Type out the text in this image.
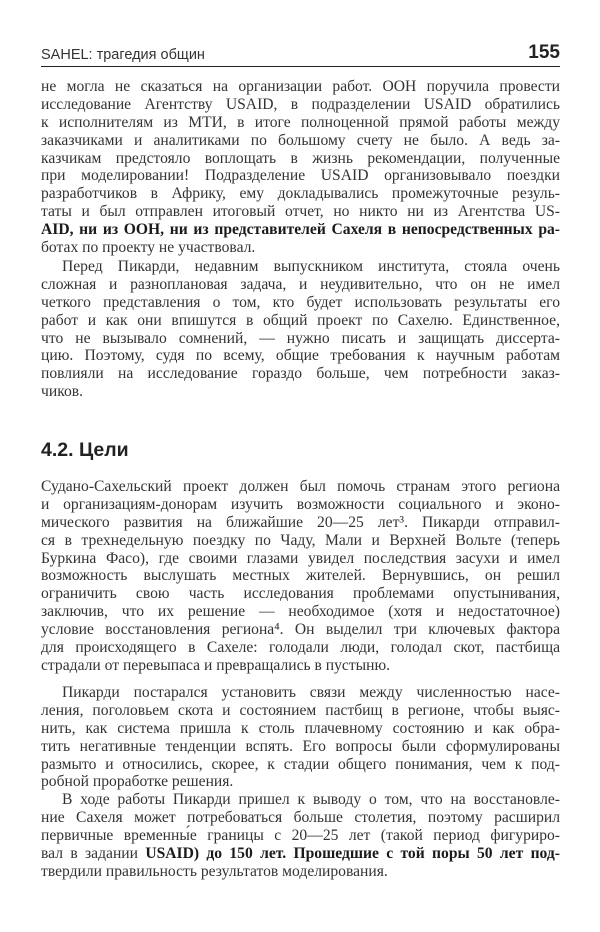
SAHEL: трагедия общин	155
не могла не сказаться на организации работ. ООН поручила провести
исследование Агентству USAID, в подразделении USAID обратились
к исполнителям из МТИ, в итоге полноценной прямой работы между
заказчиками и аналитиками по большому счету не было. А ведь за-
казчикам предстояло воплощать в жизнь рекомендации, полученные
при моделировании! Подразделение USAID организовывало поездки
разработчиков в Африку, ему докладывались промежуточные резуль-
таты и был отправлен итоговый отчет, но никто ни из Агентства US-
AID, ни из ООН, ни из представителей Сахеля в непосредственных ра-
ботах по проекту не участвовал.
Перед Пикарди, недавним выпускником института, стояла очень
сложная и разноплановая задача, и неудивительно, что он не имел
четкого представления о том, кто будет использовать результаты его
работ и как они впишутся в общий проект по Сахелю. Единственное,
что не вызывало сомнений, — нужно писать и защищать диссерта-
цию. Поэтому, судя по всему, общие требования к научным работам
повлияли на исследование гораздо больше, чем потребности заказ-
чиков.
4.2. Цели
Судано-Сахельский проект должен был помочь странам этого региона
и организациям-донорам изучить возможности социального и эконо-
мического развития на ближайшие 20—25 лет³. Пикарди отправил-
ся в трехнедельную поездку по Чаду, Мали и Верхней Вольте (теперь
Буркина Фасо), где своими глазами увидел последствия засухи и имел
возможность выслушать местных жителей. Вернувшись, он решил
ограничить свою часть исследования проблемами опустынивания,
заключив, что их решение — необходимое (хотя и недостаточное)
условие восстановления региона⁴. Он выделил три ключевых фактора
для происходящего в Сахеле: голодали люди, голодал скот, пастбища
страдали от перевыпаса и превращались в пустыню.
Пикарди постарался установить связи между численностью насе-
ления, поголовьем скота и состоянием пастбищ в регионе, чтобы выяс-
нить, как система пришла к столь плачевному состоянию и как обра-
тить негативные тенденции вспять. Его вопросы были сформулированы
размыто и относились, скорее, к стадии общего понимания, чем к под-
робной проработке решения.
В ходе работы Пикарди пришел к выводу о том, что на восстановле-
ние Сахеля может потребоваться больше столетия, поэтому расширил
первичные временны́е границы с 20—25 лет (такой период фигуриро-
вал в задании USAID) до 150 лет. Прошедшие с той поры 50 лет под-
твердили правильность результатов моделирования.
